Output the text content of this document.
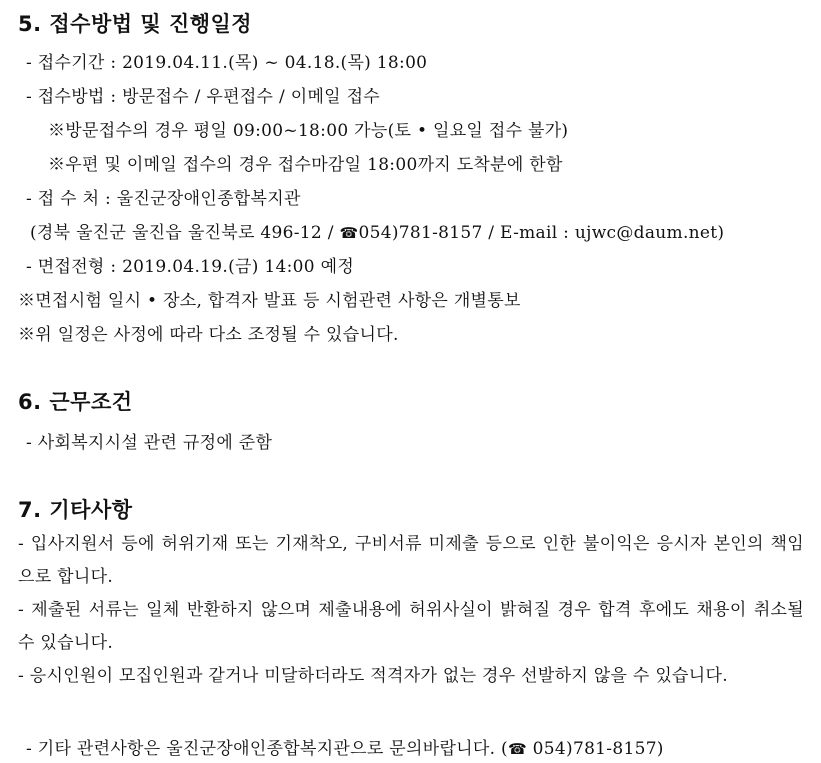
5. 접수방법 및 진행일정
- 접수기간 : 2019.04.11.(목) ~ 04.18.(목) 18:00
- 접수방법 : 방문접수 / 우편접수 / 이메일 접수
※방문접수의 경우 평일 09:00~18:00 가능(토 • 일요일 접수 불가)
※우편 및 이메일 접수의 경우 접수마감일 18:00까지 도착분에 한함
- 접 수 처 : 울진군장애인종합복지관
(경북 울진군 울진읍 울진북로 496-12 / ☎054)781-8157 / E-mail : ujwc@daum.net)
- 면접전형 : 2019.04.19.(금) 14:00 예정
※면접시험 일시 • 장소, 합격자 발표 등 시험관련 사항은 개별통보
※위 일정은 사정에 따라 다소 조정될 수 있습니다.
6. 근무조건
- 사회복지시설 관련 규정에 준함
7. 기타사항
- 입사지원서 등에 허위기재 또는 기재착오, 구비서류 미제출 등으로 인한 불이익은 응시자 본인의 책임으로 합니다.
- 제출된 서류는 일체 반환하지 않으며 제출내용에 허위사실이 밝혀질 경우 합격 후에도 채용이 취소될 수 있습니다.
- 응시인원이 모집인원과 같거나 미달하더라도 적격자가 없는 경우 선발하지 않을 수 있습니다.
- 기타 관련사항은 울진군장애인종합복지관으로 문의바랍니다. (☎ 054)781-8157)
